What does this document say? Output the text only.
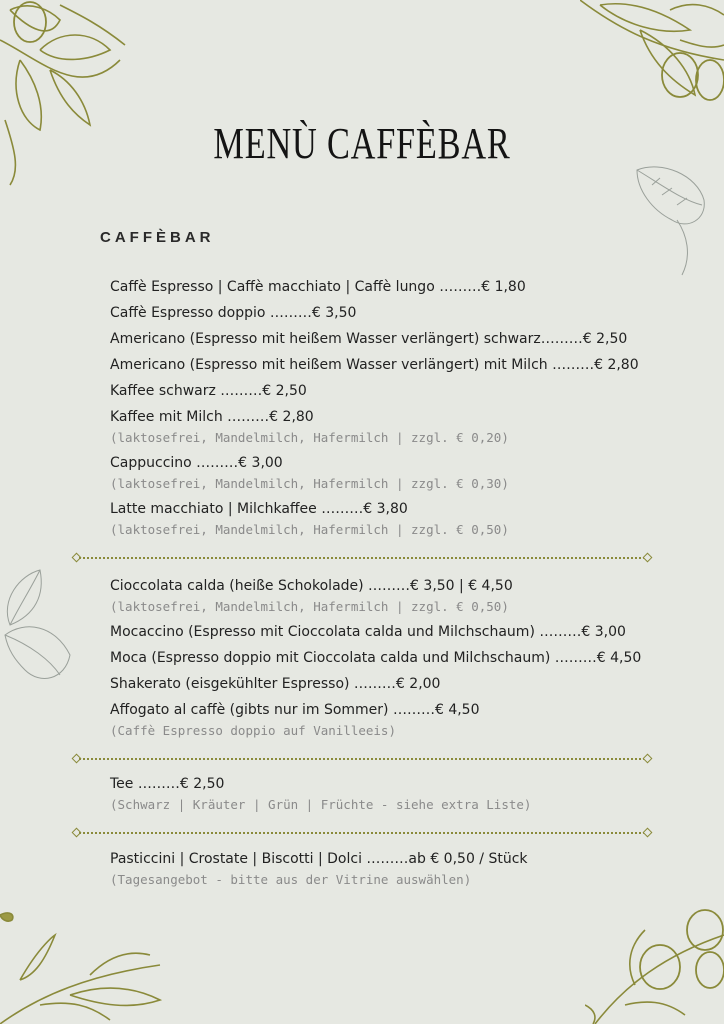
MENÙ CAFFÈBAR
CAFFÈBAR
Caffè Espresso | Caffè macchiato | Caffè lungo ………€ 1,80
Caffè Espresso doppio ………€ 3,50
Americano (Espresso mit heißem Wasser verlängert) schwarz………€ 2,50
Americano (Espresso mit heißem Wasser verlängert) mit Milch ………€ 2,80
Kaffee schwarz ………€ 2,50
Kaffee mit Milch ………€ 2,80
(laktosefrei, Mandelmilch, Hafermilch | zzgl. € 0,20)
Cappuccino ………€ 3,00
(laktosefrei, Mandelmilch, Hafermilch | zzgl. € 0,30)
Latte macchiato | Milchkaffee ………€ 3,80
(laktosefrei, Mandelmilch, Hafermilch | zzgl. € 0,50)
Cioccolata calda (heiße Schokolade) ………€ 3,50 | € 4,50
(laktosefrei, Mandelmilch, Hafermilch | zzgl. € 0,50)
Mocaccino (Espresso mit Cioccolata calda und Milchschaum) ………€ 3,00
Moca (Espresso doppio mit Cioccolata calda und Milchschaum) ………€ 4,50
Shakerato (eisgekühlter Espresso) ………€ 2,00
Affogato al caffè (gibts nur im Sommer) ………€ 4,50
(Caffè Espresso doppio auf Vanilleeis)
Tee ………€ 2,50
(Schwarz | Kräuter | Grün | Früchte - siehe extra Liste)
Pasticcini | Crostate | Biscotti | Dolci ………ab € 0,50 / Stück
(Tagesangebot - bitte aus der Vitrine auswählen)
